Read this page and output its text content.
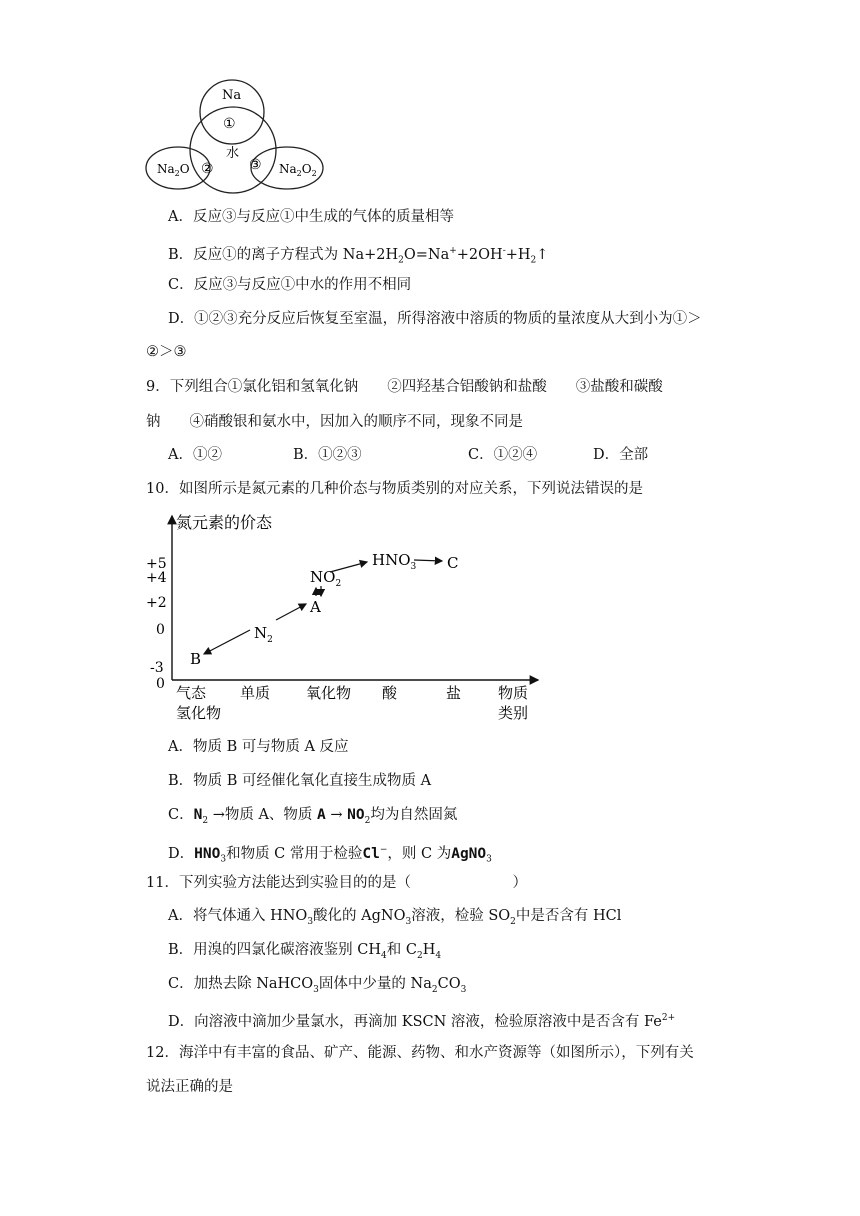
Na
①
水
②	③
$Na_2O$	$Na_2O_2$
A．反应③与反应①中生成的气体的质量相等
B．反应①的离子方程式为 $Na+2H_2O=Na^++2OH^-+H_2↑$
C．反应③与反应①中水的作用不相同
D．①②③充分反应后恢复至室温，所得溶液中溶质的物质的量浓度从大到小为①＞
②＞③
9．下列组合①氯化铝和氢氧化钠　　②四羟基合铝酸钠和盐酸　　③盐酸和碳酸
钠　　④硝酸银和氨水中，因加入的顺序不同，现象不同是
A．①②	B．①②③	C．①②④	D．全部
10．如图所示是氮元素的几种价态与物质类别的对应关系，下列说法错误的是
氮元素的价态
+5
+4
+2
0
-3
0 气态
氢化物
单质 氧化物 酸	盐 物质
类别
B
$N_2$
A
$NO_2$
$HNO_3$ C
A．物质 B 可与物质 A 反应
B．物质 B 可经催化氧化直接生成物质 A
C．$N_2$ →物质 A、物质 $A \to NO_2$均为自然固氮
D．$HNO_3$和物质 C 常用于检验Cl−，则 C 为AgNO$_3$
11．下列实验方法能达到实验目的的是（　　　　　　　）
A．将气体通入 $HNO_3$酸化的 AgNO$_3$溶液，检验 $SO_2$中是否含有 HCl
B．用溴的四氯化碳溶液鉴别 $CH_4$和 $C_2H_4$
C．加热去除 NaHCO$_3$固体中少量的 $Na_2CO_3$
D．向溶液中滴加少量氯水，再滴加 KSCN 溶液，检验原溶液中是否含有 $Fe^{2+}$
12．海洋中有丰富的食品、矿产、能源、药物、和水产资源等（如图所示），下列有关
说法正确的是
